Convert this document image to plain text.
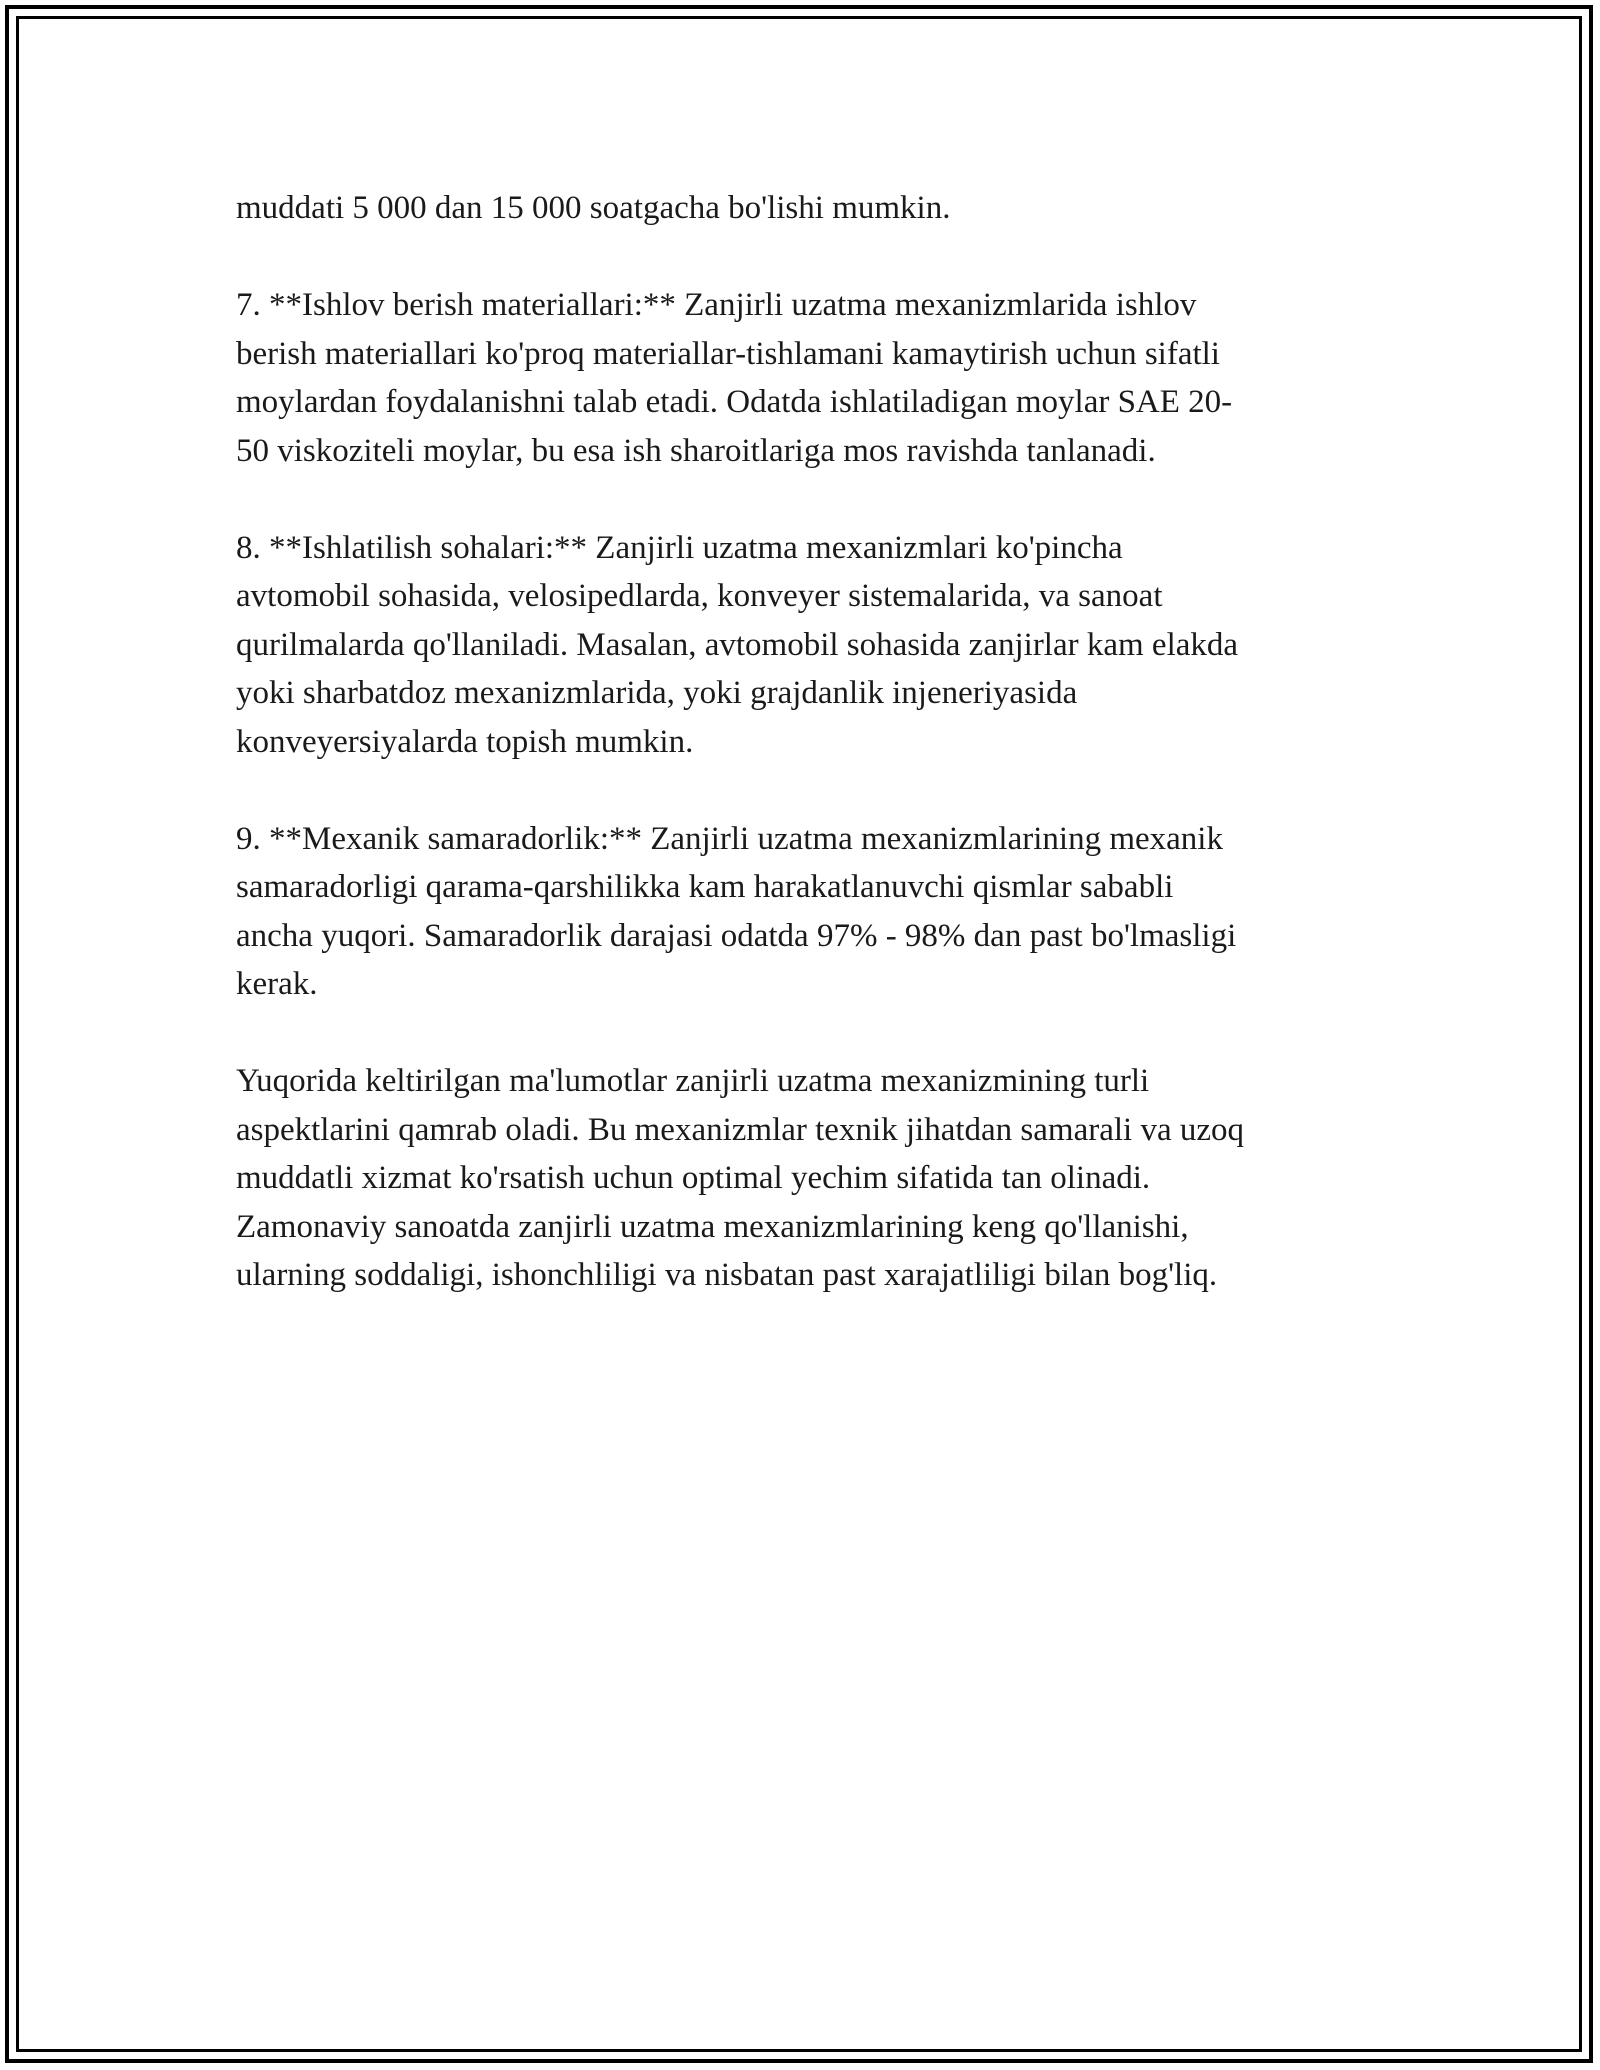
muddati 5 000 dan 15 000 soatgacha bo'lishi mumkin.

7. **Ishlov berish materiallari:** Zanjirli uzatma mexanizmlarida ishlov
berish materiallari ko'proq materiallar-tishlamani kamaytirish uchun sifatli
moylardan foydalanishni talab etadi. Odatda ishlatiladigan moylar SAE 20-
50 viskoziteli moylar, bu esa ish sharoitlariga mos ravishda tanlanadi.

8. **Ishlatilish sohalari:** Zanjirli uzatma mexanizmlari ko'pincha
avtomobil sohasida, velosipedlarda, konveyer sistemalarida, va sanoat
qurilmalarda qo'llaniladi. Masalan, avtomobil sohasida zanjirlar kam elakda
yoki sharbatdoz mexanizmlarida, yoki grajdanlik injeneriyasida
konveyersiyalarda topish mumkin.

9. **Mexanik samaradorlik:** Zanjirli uzatma mexanizmlarining mexanik
samaradorligi qarama-qarshilikka kam harakatlanuvchi qismlar sababli
ancha yuqori. Samaradorlik darajasi odatda 97% - 98% dan past bo'lmasligi
kerak.

Yuqorida keltirilgan ma'lumotlar zanjirli uzatma mexanizmining turli
aspektlarini qamrab oladi. Bu mexanizmlar texnik jihatdan samarali va uzoq
muddatli xizmat ko'rsatish uchun optimal yechim sifatida tan olinadi.
Zamonaviy sanoatda zanjirli uzatma mexanizmlarining keng qo'llanishi,
ularning soddaligi, ishonchliligi va nisbatan past xarajatliligi bilan bog'liq.
